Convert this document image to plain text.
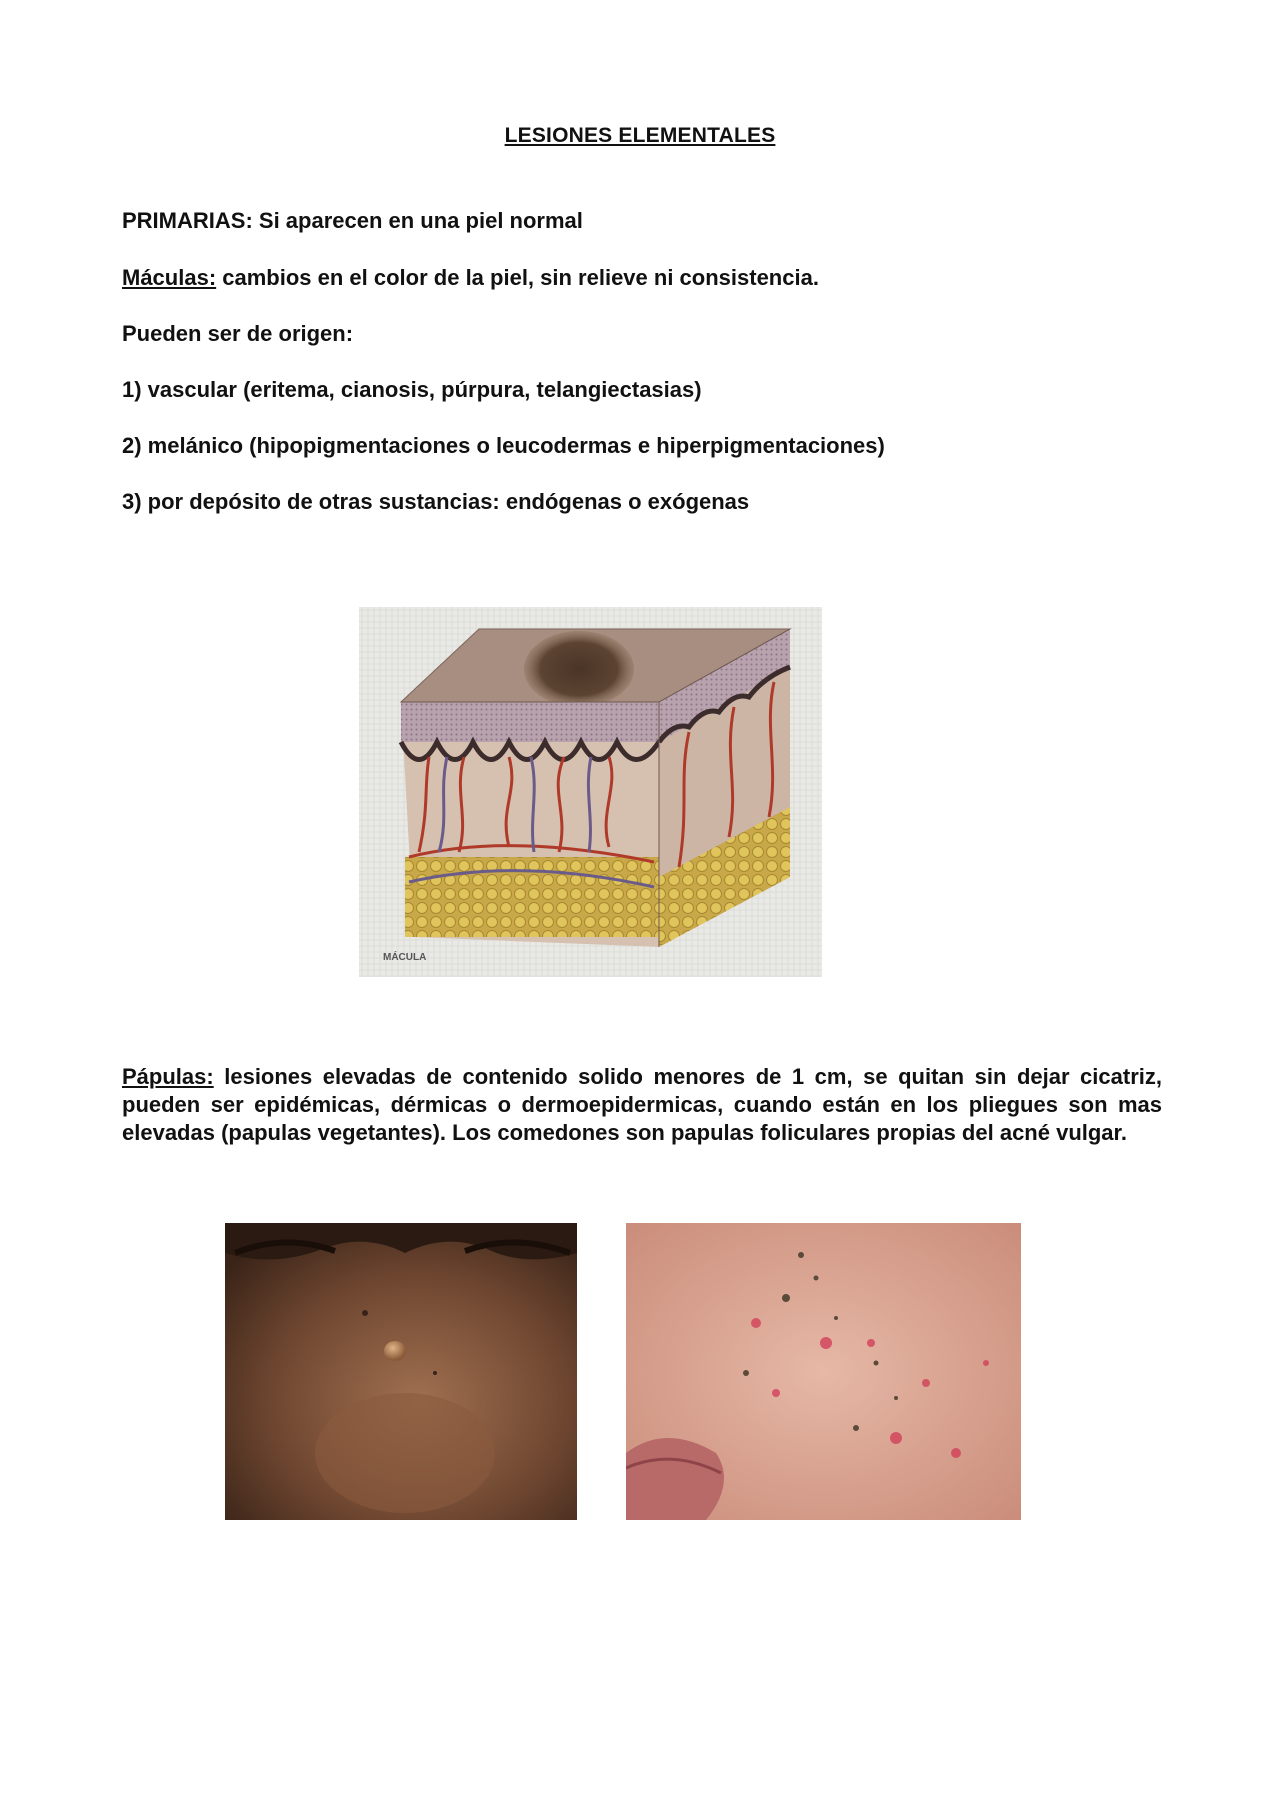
LESIONES ELEMENTALES
PRIMARIAS: Si aparecen en una piel normal
Máculas: cambios en el color de la piel, sin relieve ni consistencia.
Pueden ser de origen:
1) vascular (eritema, cianosis, púrpura, telangiectasias)
2) melánico (hipopigmentaciones o leucodermas e hiperpigmentaciones)
3) por depósito de otras sustancias: endógenas o exógenas
MÁCULA
Pápulas: lesiones elevadas de contenido solido menores de 1 cm, se quitan sin dejar cicatriz, pueden ser epidémicas, dérmicas o dermoepidermicas, cuando están en los pliegues son mas elevadas (papulas vegetantes). Los comedones son papulas foliculares propias del acné vulgar.
